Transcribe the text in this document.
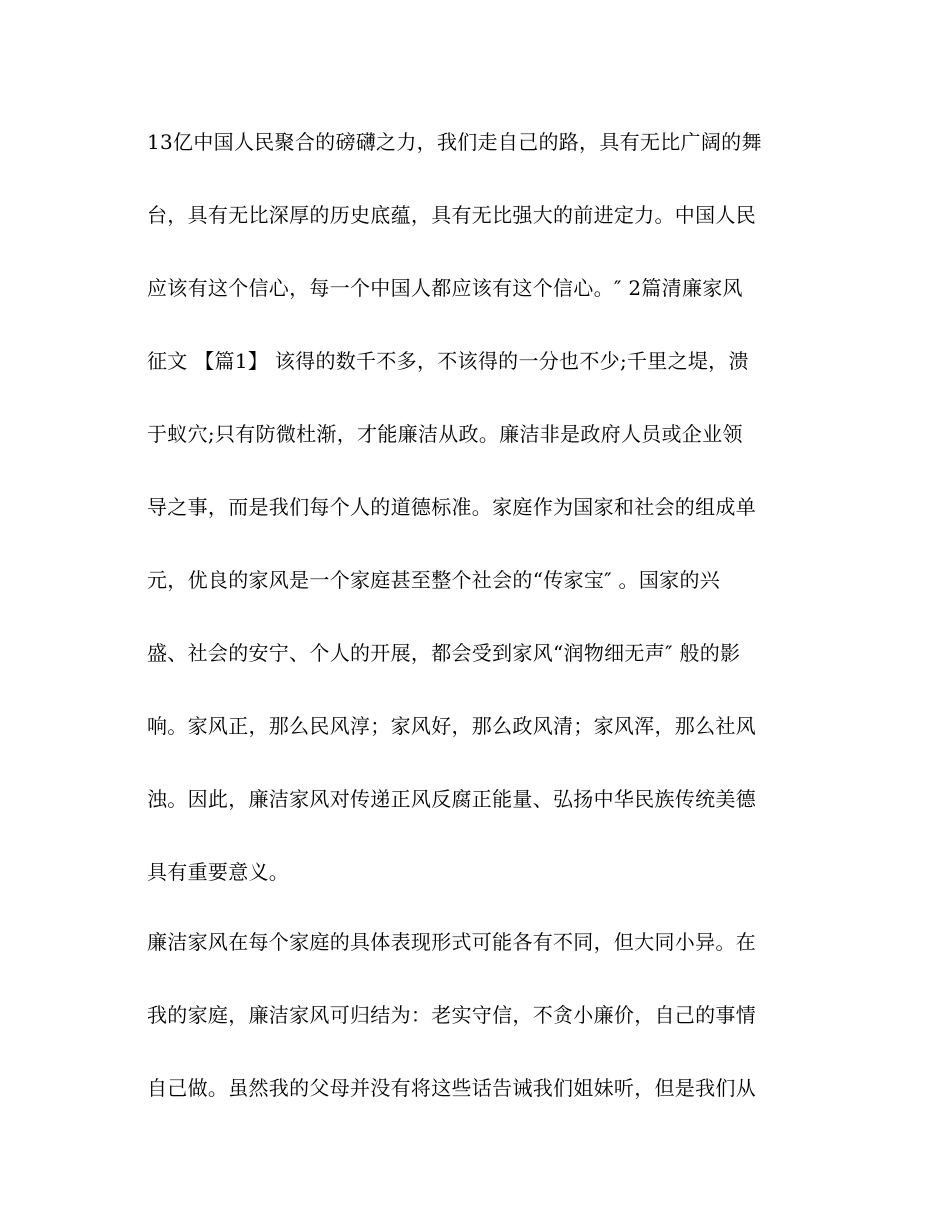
13亿中国人民聚合的磅礴之力，我们走自己的路，具有无比广阔的舞
台，具有无比深厚的历史底蕴，具有无比强大的前进定力。中国人民
应该有这个信心，每一个中国人都应该有这个信心。″ 2篇清廉家风
征文 【篇1】 该得的数千不多，不该得的一分也不少;千里之堤，溃
于蚁穴;只有防微杜渐，才能廉洁从政。廉洁非是政府人员或企业领
导之事，而是我们每个人的道德标准。家庭作为国家和社会的组成单
元，优良的家风是一个家庭甚至整个社会的“传家宝″ 。国家的兴
盛、社会的安宁、个人的开展，都会受到家风“润物细无声″ 般的影
响。家风正，那么民风淳；家风好，那么政风清；家风浑，那么社风
浊。因此，廉洁家风对传递正风反腐正能量、弘扬中华民族传统美德
具有重要意义。
廉洁家风在每个家庭的具体表现形式可能各有不同，但大同小异。在
我的家庭，廉洁家风可归结为：老实守信，不贪小廉价，自己的事情
自己做。虽然我的父母并没有将这些话告诫我们姐妹听，但是我们从
